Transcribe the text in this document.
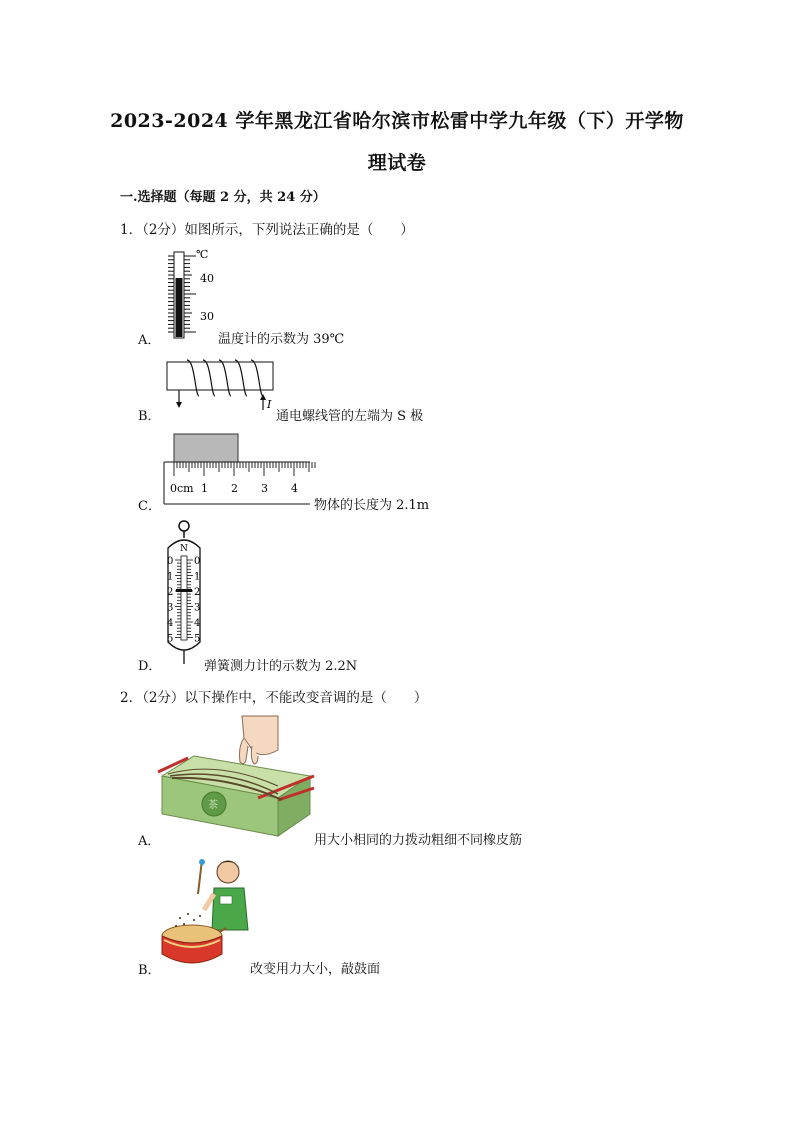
2023-2024 学年黑龙江省哈尔滨市松雷中学九年级（下）开学物
理试卷
一.选择题（每题 2 分，共 24 分）
1．（2分）如图所示，下列说法正确的是（　　）
℃
40
30
A．	温度计的示数为 39℃
I
B．	通电螺线管的左端为 S 极
0cm 1 2 3 4
C．	物体的长度为 2.1m
N
0 0
1 1
2 2
3 3
4 4
5 5
D．	弹簧测力计的示数为 2.2N
2．（2分）以下操作中，不能改变音调的是（　　）
茶
A．	用大小相同的力拨动粗细不同橡皮筋
B．	改变用力大小，敲鼓面
